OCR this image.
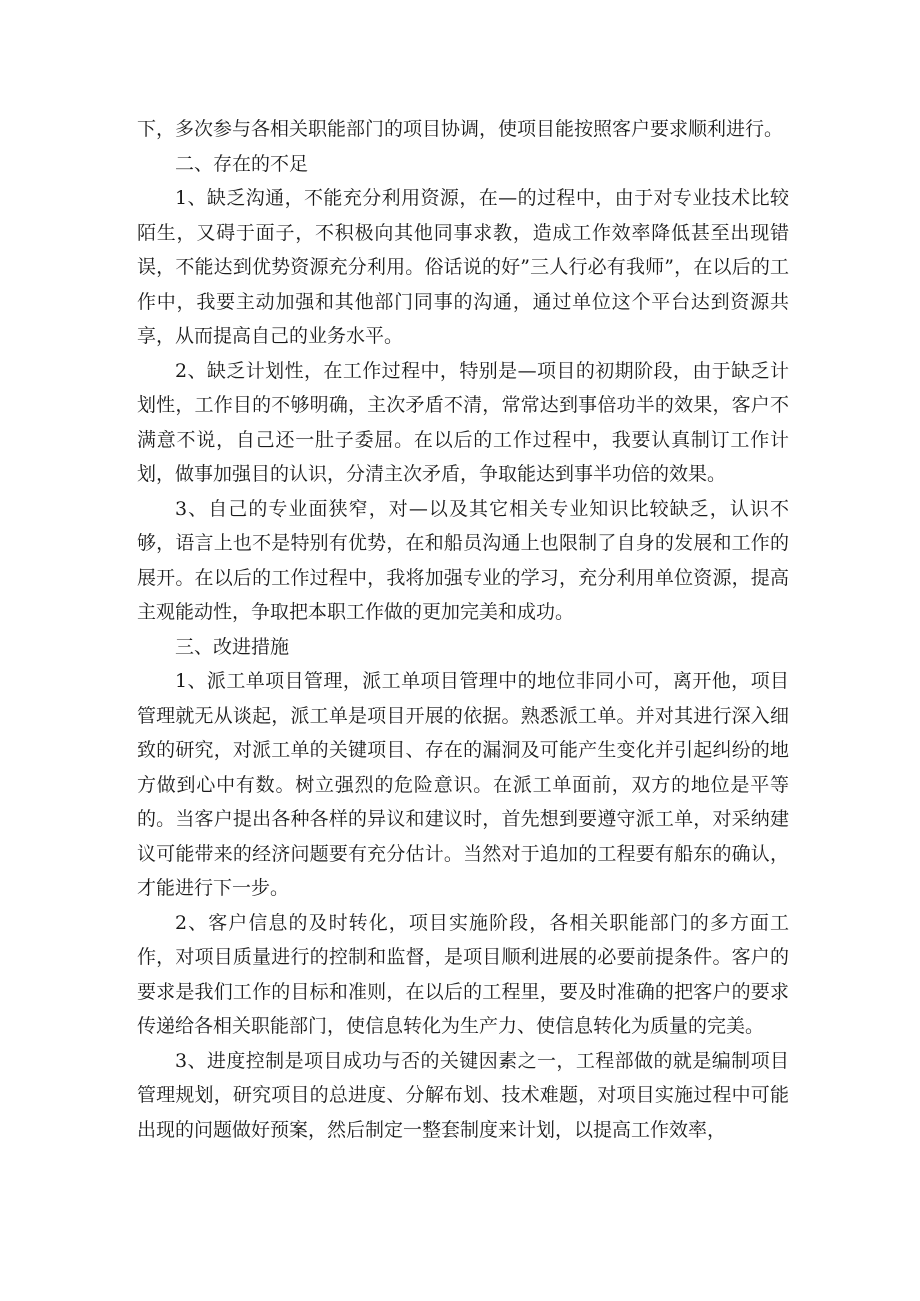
下，多次参与各相关职能部门的项目协调，使项目能按照客户要求顺利进行。

二、存在的不足

1、缺乏沟通，不能充分利用资源，在—的过程中，由于对专业技术比较陌生，又碍于面子，不积极向其他同事求教，造成工作效率降低甚至出现错误，不能达到优势资源充分利用。俗话说的好”三人行必有我师”，在以后的工作中，我要主动加强和其他部门同事的沟通，通过单位这个平台达到资源共享，从而提高自己的业务水平。

2、缺乏计划性，在工作过程中，特别是—项目的初期阶段，由于缺乏计划性，工作目的不够明确，主次矛盾不清，常常达到事倍功半的效果，客户不满意不说，自己还一肚子委屈。在以后的工作过程中，我要认真制订工作计划，做事加强目的认识，分清主次矛盾，争取能达到事半功倍的效果。

3、自己的专业面狭窄，对—以及其它相关专业知识比较缺乏，认识不够，语言上也不是特别有优势，在和船员沟通上也限制了自身的发展和工作的展开。在以后的工作过程中，我将加强专业的学习，充分利用单位资源，提高主观能动性，争取把本职工作做的更加完美和成功。

三、改进措施

1、派工单项目管理，派工单项目管理中的地位非同小可，离开他，项目管理就无从谈起，派工单是项目开展的依据。熟悉派工单。并对其进行深入细致的研究，对派工单的关键项目、存在的漏洞及可能产生变化并引起纠纷的地方做到心中有数。树立强烈的危险意识。在派工单面前，双方的地位是平等的。当客户提出各种各样的异议和建议时，首先想到要遵守派工单，对采纳建议可能带来的经济问题要有充分估计。当然对于追加的工程要有船东的确认，才能进行下一步。

2、客户信息的及时转化，项目实施阶段，各相关职能部门的多方面工作，对项目质量进行的控制和监督，是项目顺利进展的必要前提条件。客户的要求是我们工作的目标和准则，在以后的工程里，要及时准确的把客户的要求传递给各相关职能部门，使信息转化为生产力、使信息转化为质量的完美。

3、进度控制是项目成功与否的关键因素之一，工程部做的就是编制项目管理规划，研究项目的总进度、分解布划、技术难题，对项目实施过程中可能出现的问题做好预案，然后制定一整套制度来计划，以提高工作效率，
